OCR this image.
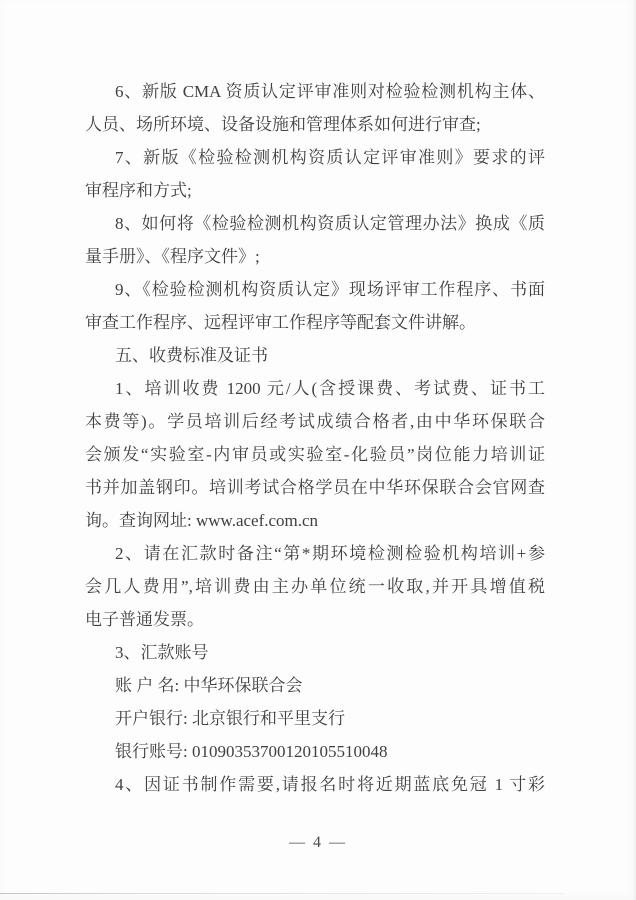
6、新版 CMA 资质认定评审准则对检验检测机构主体、
人员、场所环境、设备设施和管理体系如何进行审查;
7、新版《检验检测机构资质认定评审准则》要求的评
审程序和方式;
8、如何将《检验检测机构资质认定管理办法》换成《质
量手册》、《程序文件》;
9、《检验检测机构资质认定》现场评审工作程序、书面
审查工作程序、远程评审工作程序等配套文件讲解。
五、收费标准及证书
1、培训收费 1200 元/人(含授课费、考试费、证书工
本费等)。学员培训后经考试成绩合格者,由中华环保联合
会颁发“实验室-内审员或实验室-化验员”岗位能力培训证
书并加盖钢印。培训考试合格学员在中华环保联合会官网查
询。查询网址: www.acef.com.cn
2、请在汇款时备注“第*期环境检测检验机构培训+参
会几人费用”,培训费由主办单位统一收取,并开具增值税
电子普通发票。
3、汇款账号
账 户 名: 中华环保联合会
开户银行: 北京银行和平里支行
银行账号: 01090353700120105510048
4、因证书制作需要,请报名时将近期蓝底免冠 1 寸彩
— 4 —
